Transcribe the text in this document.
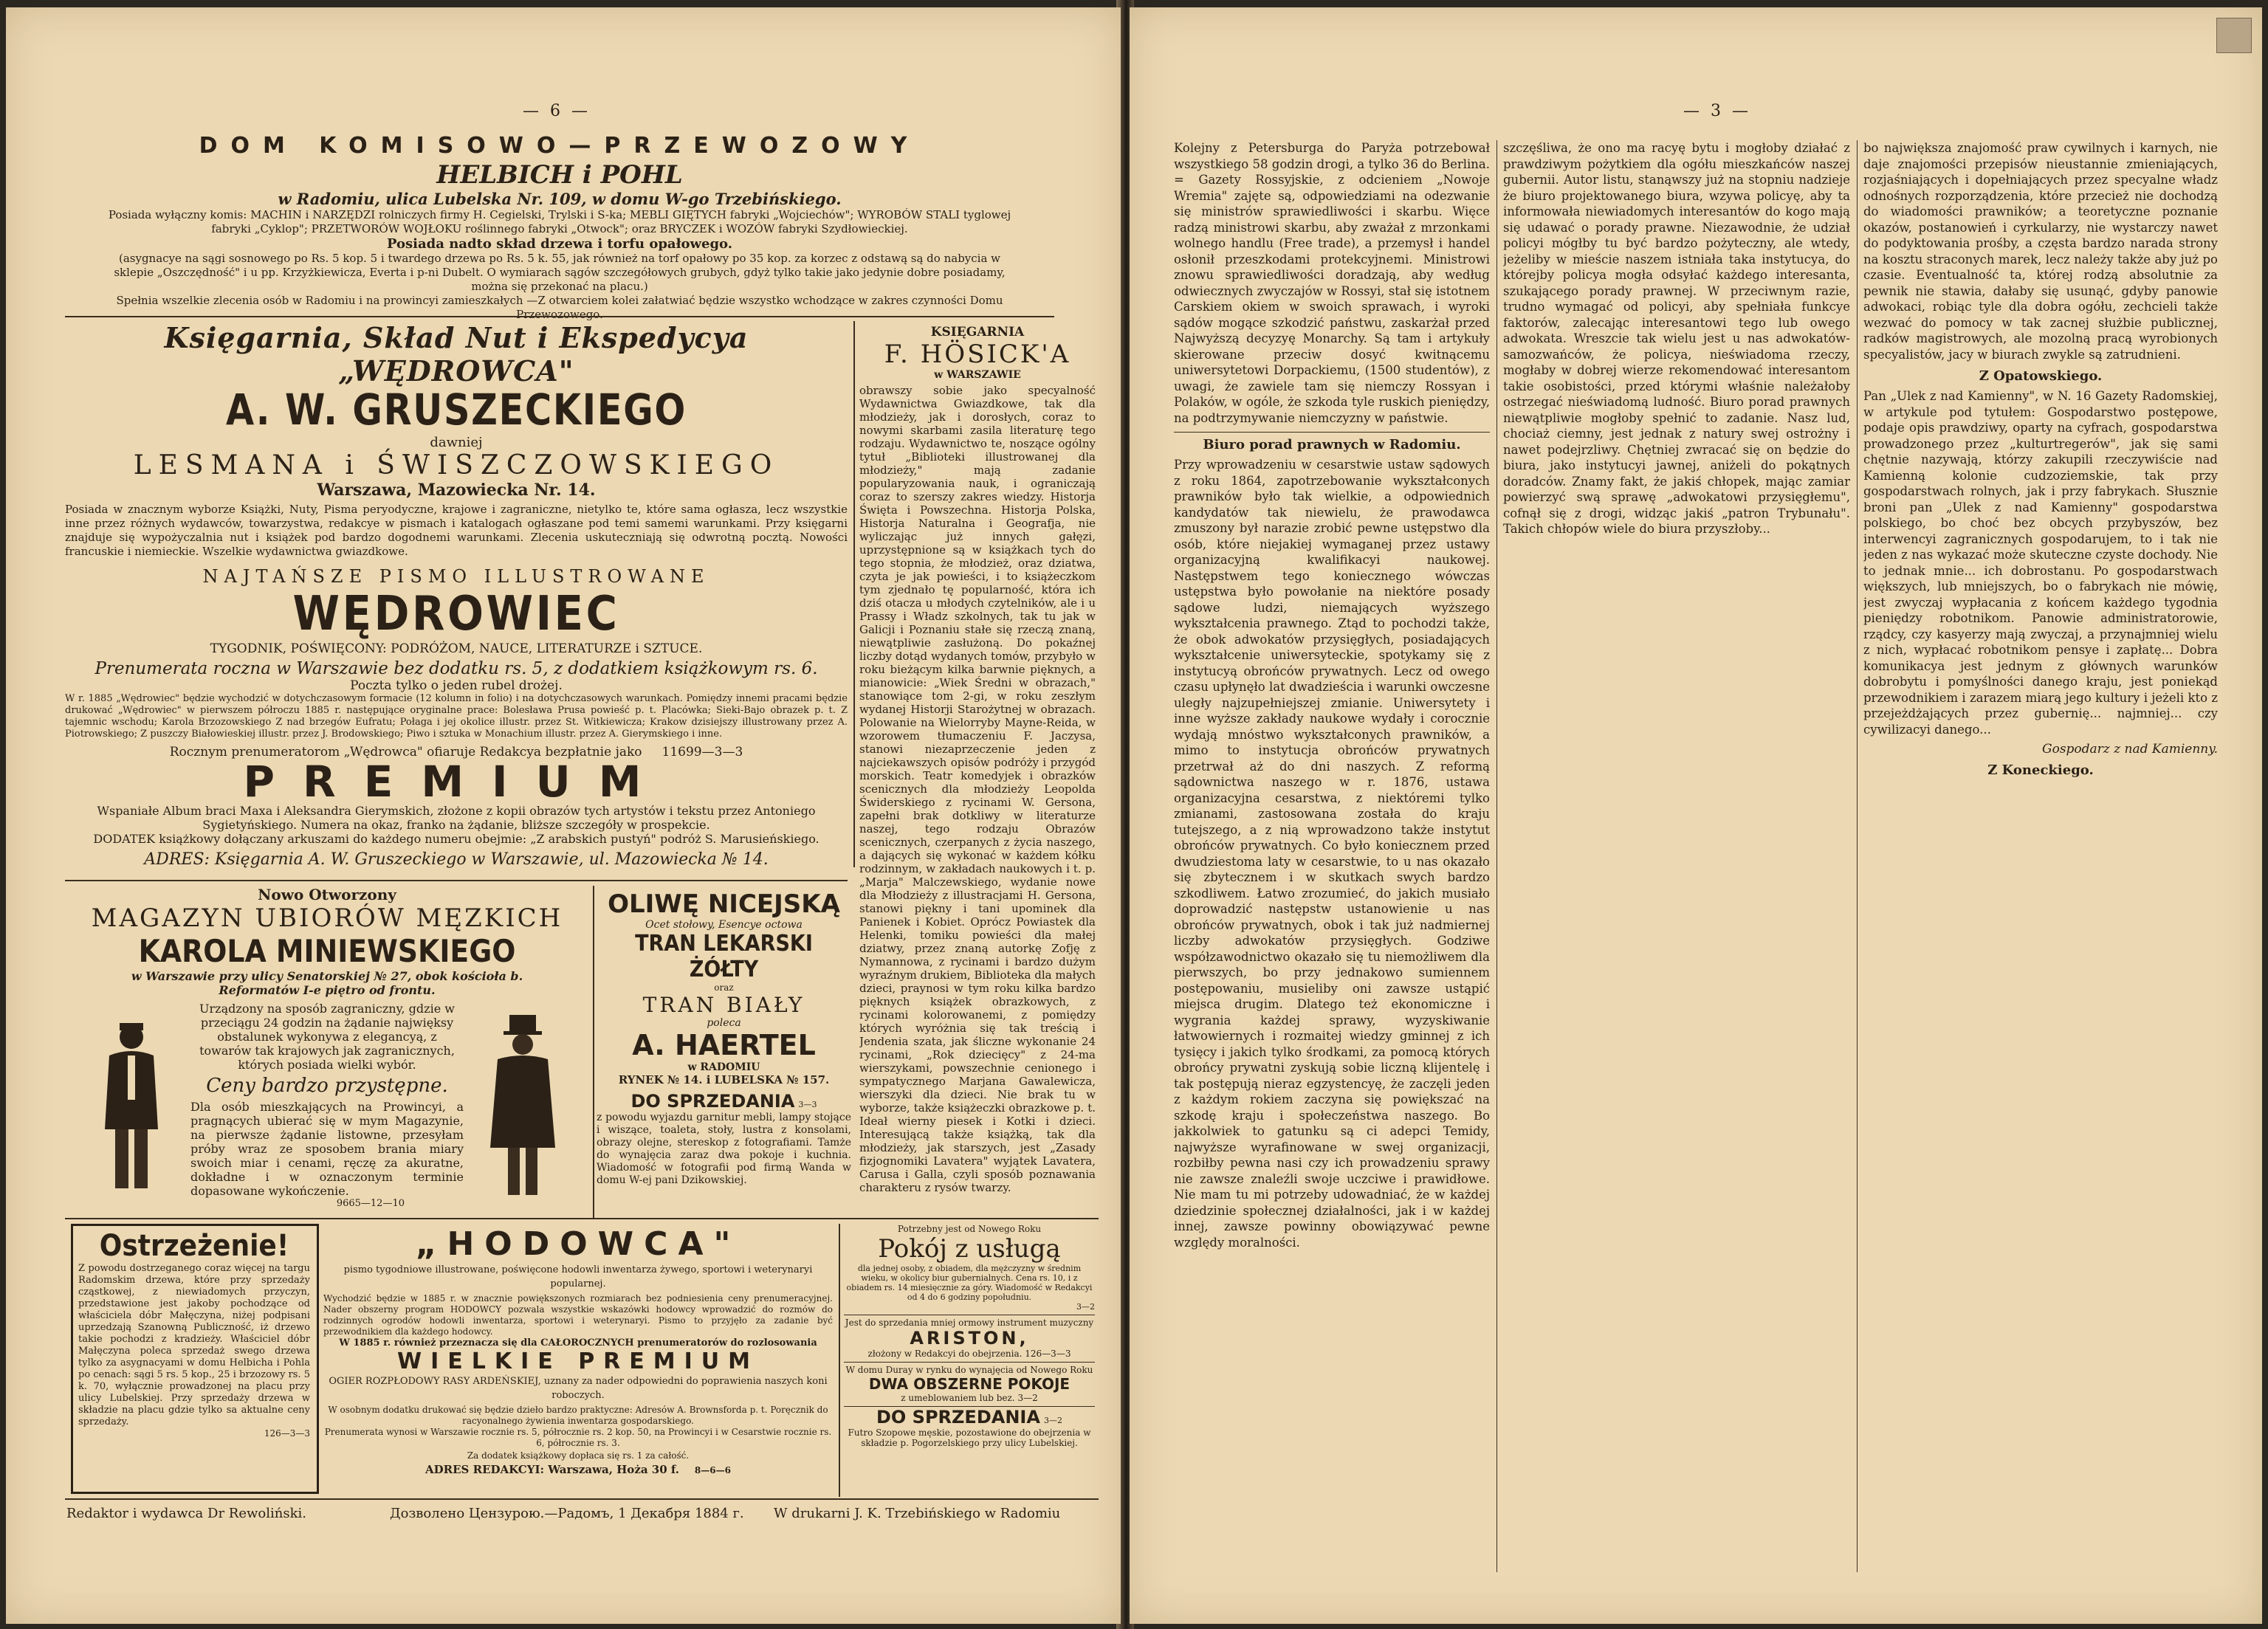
— 6 —
DOM KOMISOWO—PRZEWOZOWY
HELBICH i POHL
w Radomiu, ulica Lubelska Nr. 109, w domu W-go Trzebińskiego.
Posiada wyłączny komis: MACHIN i NARZĘDZI rolniczych firmy H. Cegielski, Trylski i S-ka; MEBLI GIĘTYCH fabryki „Wojciechów"; WYROBÓW STALI tyglowej fabryki „Cyklop"; PRZETWORÓW WOJŁOKU roślinnego fabryki „Otwock"; oraz BRYCZEK i WOZÓW fabryki Szydłowieckiej.
Posiada nadto skład drzewa i torfu opałowego.
(asygnacye na sągi sosnowego po Rs. 5 kop. 5 i twardego drzewa po Rs. 5 k. 55, jak również na torf opałowy po 35 kop. za korzec z odstawą są do nabycia w sklepie „Oszczędność" i u pp. Krzyżkiewicza, Everta i p-ni Dubelt. O wymiarach sągów szczegółowych grubych, gdyż tylko takie jako jedynie dobre posiadamy, można się przekonać na placu.)
Spełnia wszelkie zlecenia osób w Radomiu i na prowincyi zamieszkałych —Z otwarciem kolei załatwiać będzie wszystko wchodzące w zakres czynności Domu Przewozowego.
Księgarnia, Skład Nut i Ekspedycya „WĘDROWCA"
A. W. GRUSZECKIEGO
dawniej
LESMANA i ŚWISZCZOWSKIEGO
Warszawa, Mazowiecka Nr. 14.
Posiada w znacznym wyborze Książki, Nuty, Pisma peryodyczne, krajowe i zagraniczne, nietylko te, które sama ogłasza, lecz wszystkie inne przez różnych wydawców, towarzystwa, redakcye w pismach i katalogach ogłaszane pod temi samemi warunkami. Przy księgarni znajduje się wypożyczalnia nut i książek pod bardzo dogodnemi warunkami. Zlecenia uskuteczniają się odwrotną pocztą. Nowości francuskie i niemieckie. Wszelkie wydawnictwa gwiazdkowe.
NAJTAŃSZE PISMO ILLUSTROWANE
WĘDROWIEC
TYGODNIK, POŚWIĘCONY: PODRÓŻOM, NAUCE, LITERATURZE i SZTUCE.
Prenumerata roczna w Warszawie bez dodatku rs. 5, z dodatkiem książkowym rs. 6.
Poczta tylko o jeden rubel drożej.
W r. 1885 „Wędrowiec" będzie wychodzić w dotychczasowym formacie (12 kolumn in folio) i na dotychczasowych warunkach. Pomiędzy innemi pracami będzie drukować „Wędrowiec" w pierwszem półroczu 1885 r. następujące oryginalne prace: Bolesława Prusa powieść p. t. Placówka; Sieki-Bajo obrazek p. t. Z tajemnic wschodu; Karola Brzozowskiego Z nad brzegów Eufratu; Połaga i jej okolice illustr. przez St. Witkiewicza; Krakow dzisiejszy illustrowany przez A. Piotrowskiego; Z puszczy Białowieskiej illustr. przez J. Brodowskiego; Piwo i sztuka w Monachium illustr. przez A. Gierymskiego i inne.
Rocznym prenumeratorom „Wędrowca" ofiaruje Redakcya bezpłatnie jako 11699—3—3
PREMIUM
Wspaniałe Album braci Maxa i Aleksandra Gierymskich, złożone z kopii obrazów tych artystów i tekstu przez Antoniego Sygietyńskiego. Numera na okaz, franko na żądanie, bliższe szczegóły w prospekcie.
DODATEK książkowy dołączany arkuszami do każdego numeru obejmie: „Z arabskich pustyń" podróż S. Marusieńskiego.
ADRES: Księgarnia A. W. Gruszeckiego w Warszawie, ul. Mazowiecka № 14.
KSIĘGARNIA
F. HÖSICK'A
w WARSZAWIE
obrawszy sobie jako specyalność Wydawnictwa Gwiazdkowe, tak dla młodzieży, jak i dorosłych, coraz to nowymi skarbami zasila literaturę tego rodzaju. Wydawnictwo te, noszące ogólny tytuł „Biblioteki illustrowanej dla młodzieży," mają zadanie popularyzowania nauk, i ograniczają coraz to szerszy zakres wiedzy. Historja Święta i Powszechna. Historja Polska, Historja Naturalna i Geografja, nie wyliczając już innych gałęzi, uprzystępnione są w książkach tych do tego stopnia, że młodzież, oraz dziatwa, czyta je jak powieści, i to książeczkom tym zjednało tę popularność, która ich dziś otacza u młodych czytelników, ale i u Prassy i Władz szkolnych, tak tu jak w Galicji i Poznaniu stałe się rzeczą znaną, niewątpliwie zasłużoną. Do pokaźnej liczby dotąd wydanych tomów, przybyło w roku bieżącym kilka barwnie pięknych, a mianowicie: „Wiek Średni w obrazach," stanowiące tom 2-gi, w roku zeszłym wydanej Historji Starożytnej w obrazach. Polowanie na Wielorryby Mayne-Reida, w wzorowem tłumaczeniu F. Jaczysa, stanowi niezaprzeczenie jeden z najciekawszych opisów podróży i przygód morskich. Teatr komedyjek i obrazków scenicznych dla młodzieży Leopolda Świderskiego z rycinami W. Gersona, zapełni brak dotkliwy w literaturze naszej, tego rodzaju Obrazów scenicznych, czerpanych z życia naszego, a dających się wykonać w każdem kółku rodzinnym, w zakładach naukowych i t. p. „Marja" Malczewskiego, wydanie nowe dla Młodzieży z illustracjami H. Gersona, stanowi piękny i tani upominek dla Panienek i Kobiet. Oprócz Powiastek dla Helenki, tomiku powieści dla małej dziatwy, przez znaną autorkę Zofję z Nymannowa, z rycinami i bardzo dużym wyraźnym drukiem, Biblioteka dla małych dzieci, praynosi w tym roku kilka bardzo pięknych książek obrazkowych, z rycinami kolorowanemi, z pomiędzy których wyróżnia się tak treścią i Jendenia szata, jak śliczne wykonanie 24 rycinami, „Rok dziecięcy" z 24-ma wierszykami, powszechnie cenionego i sympatycznego Marjana Gawalewicza, wierszyki dla dzieci. Nie brak tu w wyborze, także książeczki obrazkowe p. t. Ideał wierny piesek i Kotki i dzieci. Interesującą także książką, tak dla młodzieży, jak starszych, jest „Zasady fizjognomiki Lavatera" wyjątek Lavatera, Carusa i Galla, czyli sposób poznawania charakteru z rysów twarzy.
Nowo Otworzony
MAGAZYN UBIORÓW MĘZKICH
KAROLA MINIEWSKIEGO
w Warszawie przy ulicy Senatorskiej № 27, obok kościoła b. Reformatów I-e piętro od frontu.
Urządzony na sposób zagraniczny, gdzie w przeciągu 24 godzin na żądanie najwięksy obstalunek wykonywa z elegancyą, z towarów tak krajowych jak zagranicznych, których posiada wielki wybór.
Ceny bardzo przystępne.
Dla osób mieszkających na Prowincyi, a pragnących ubierać się w mym Magazynie, na pierwsze żądanie listowne, przesyłam próby wraz ze sposobem brania miary swoich miar i cenami, ręczę za akuratne, dokładne i w oznaczonym terminie dopasowane wykończenie.
9665—12—10
OLIWĘ NICEJSKĄ
Ocet stołowy, Esencye octowa
TRAN LEKARSKI ŻÓŁTY
oraz
TRAN BIAŁY
poleca
A. HAERTEL
w RADOMIU
RYNEK № 14. i LUBELSKA № 157.
DO SPRZEDANIA 3—3
z powodu wyjazdu garnitur mebli, lampy stojące i wiszące, toaleta, stoły, lustra z konsolami, obrazy olejne, stereskop z fotografiami. Tamże do wynajęcia zaraz dwa pokoje i kuchnia. Wiadomość w fotografii pod firmą Wanda w domu W-ej pani Dzikowskiej.
Ostrzeżenie!
Z powodu dostrzeganego coraz więcej na targu Radomskim drzewa, które przy sprzedaży cząstkowej, z niewiadomych przyczyn, przedstawione jest jakoby pochodzące od właściciela dóbr Małęczyna, niżej podpisani uprzedzają Szanowną Publiczność, iż drzewo takie pochodzi z kradzieży. Właściciel dóbr Małęczyna poleca sprzedaż swego drzewa tylko za asygnacyami w domu Helbicha i Pohla po cenach: sągi 5 rs. 5 kop., 25 i brzozowy rs. 5 k. 70, wyłącznie prowadzonej na placu przy ulicy Lubelskiej. Przy sprzedaży drzewa w składzie na placu gdzie tylko sa aktualne ceny sprzedaży.
126—3—3
„HODOWCA"
pismo tygodniowe illustrowane, poświęcone hodowli inwentarza żywego, sportowi i weterynaryi popularnej.
Wychodzić będzie w 1885 r. w znacznie powiększonych rozmiarach bez podniesienia ceny prenumeracyjnej. Nader obszerny program HODOWCY pozwala wszystkie wskazówki hodowcy wprowadzić do rozmów do rodzinnych ogrodów hodowli inwentarza, sportowi i weterynaryi. Pismo to przyjęło za zadanie być przewodnikiem dla każdego hodowcy.
W 1885 r. również przeznacza się dla CAŁOROCZNYCH prenumeratorów do rozlosowania
WIELKIE PREMIUM
OGIER ROZPŁODOWY RASY ARDEŃSKIEJ, uznany za nader odpowiedni do poprawienia naszych koni roboczych.
W osobnym dodatku drukować się będzie dzieło bardzo praktyczne: Adresów A. Brownsforda p. t. Poręcznik do racyonalnego żywienia inwentarza gospodarskiego.
Prenumerata wynosi w Warszawie rocznie rs. 5, półrocznie rs. 2 kop. 50, na Prowincyi i w Cesarstwie rocznie rs. 6, półrocznie rs. 3.
Za dodatek książkowy dopłaca się rs. 1 za całość.
ADRES REDAKCYI: Warszawa, Hoża 30 f. 8—6—6
Potrzebny jest od Nowego Roku
Pokój z usługą
dla jednej osoby, z obiadem, dla mężczyzny w średnim wieku, w okolicy biur gubernialnych. Cena rs. 10, i z obiadem rs. 14 miesięcznie za góry. Wiadomość w Redakcyi od 4 do 6 godziny popołudniu.
3—2
Jest do sprzedania mniej ormowy instrument muzyczny
ARISTON,
złożony w Redakcyi do obejrzenia. 126—3—3
W domu Duray w rynku do wynajęcia od Nowego Roku
DWA OBSZERNE POKOJE
z umeblowaniem lub bez. 3—2
DO SPRZEDANIA 3—2
Futro Szopowe męskie, pozostawione do obejrzenia w składzie p. Pogorzelskiego przy ulicy Lubelskiej.
Redaktor i wydawca Dr Rewoliński.	Дозволено Цензурою.—Радомъ, 1 Декабря 1884 г. W drukarni J. K. Trzebińskiego w Radomiu
— 3 —
Kolejny z Petersburga do Paryża potrzebował wszystkiego 58 godzin drogi, a tylko 36 do Berlina. = Gazety Rossyjskie, z odcieniem „Nowoje Wremia" zajęte są, odpowiedziami na odezwanie się ministrów sprawiedliwości i skarbu. Więce radzą ministrowi skarbu, aby zważał z mrzonkami wolnego handlu (Free trade), a przemysł i handel osłonił przeszkodami protekcyjnemi. Ministrowi znowu sprawiedliwości doradzają, aby według odwiecznych zwyczajów w Rossyi, stał się istotnem Carskiem okiem w swoich sprawach, i wyroki sądów mogące szkodzić państwu, zaskarżał przed Najwyższą decyzyę Monarchy. Są tam i artykuły skierowane przeciw dosyć kwitnącemu uniwersytetowi Dorpackiemu, (1500 studentów), z uwagi, że zawiele tam się niemczy Rossyan i Polaków, w ogóle, że szkoda tyle ruskich pieniędzy, na podtrzymywanie niemczyzny w państwie.
Biuro porad prawnych w Radomiu.
Przy wprowadzeniu w cesarstwie ustaw sądowych z roku 1864, zapotrzebowanie wykształconych prawników było tak wielkie, a odpowiednich kandydatów tak niewielu, że prawodawca zmuszony był narazie zrobić pewne ustępstwo dla osób, które niejakiej wymaganej przez ustawy organizacyjną kwalifikacyi naukowej. Następstwem tego koniecznego wówczas ustępstwa było powołanie na niektóre posady sądowe ludzi, niemających wyższego wykształcenia prawnego. Ztąd to pochodzi także, że obok adwokatów przysięgłych, posiadających wykształcenie uniwersyteckie, spotykamy się z instytucyą obrońców prywatnych. Lecz od owego czasu upłynęło lat dwadzieścia i warunki owczesne uległy najzupełniejszej zmianie. Uniwersytety i inne wyższe zakłady naukowe wydały i corocznie wydają mnóstwo wykształconych prawników, a mimo to instytucja obrońców prywatnych przetrwał aż do dni naszych. Z reformą sądownictwa naszego w r. 1876, ustawa organizacyjna cesarstwa, z niektóremi tylko zmianami, zastosowana została do kraju tutejszego, a z nią wprowadzono także instytut obrońców prywatnych. Co było koniecznem przed dwudziestoma laty w cesarstwie, to u nas okazało się zbytecznem i w skutkach swych bardzo szkodliwem. Łatwo zrozumieć, do jakich musiało doprowadzić następstw ustanowienie u nas obrońców prywatnych, obok i tak już nadmiernej liczby adwokatów przysięgłych. Godziwe współzawodnictwo okazało się tu niemożliwem dla pierwszych, bo przy jednakowo sumiennem postępowaniu, musieliby oni zawsze ustąpić miejsca drugim. Dlatego też ekonomiczne i wygrania każdej sprawy, wyzyskiwanie łatwowiernych i rozmaitej wiedzy gminnej z ich tysięcy i jakich tylko środkami, za pomocą których obrońcy prywatni zyskują sobie liczną klijentelę i tak postępują nieraz egzystencyę, że zaczęli jeden z każdym rokiem zaczyna się powiększać na szkodę kraju i społeczeństwa naszego. Bo jakkolwiek to gatunku są ci adepci Temidy, najwyższe wyrafinowane w swej organizacji, rozbiłby pewna nasi czy ich prowadzeniu sprawy nie zawsze znaleźli swoje uczciwe i prawidłowe. Nie mam tu mi potrzeby udowadniać, że w każdej dziedzinie społecznej działalności, jak i w każdej innej, zawsze powinny obowiązywać pewne względy moralności.
szczęśliwa, że ono ma racyę bytu i mogłoby działać z prawdziwym pożytkiem dla ogółu mieszkańców naszej gubernii. Autor listu, stanąwszy już na stopniu nadzieje że biuro projektowanego biura, wzywa policyę, aby ta informowała niewiadomych interesantów do kogo mają się udawać o porady prawne. Niezawodnie, że udział policyi mógłby tu być bardzo pożyteczny, ale wtedy, jeżeliby w mieście naszem istniała taka instytucya, do którejby policya mogła odsyłać każdego interesanta, szukającego porady prawnej. W przeciwnym razie, trudno wymagać od policyi, aby spełniała funkcye faktorów, zalecając interesantowi tego lub owego adwokata. Wreszcie tak wielu jest u nas adwokatów-samozwańców, że policya, nieświadoma rzeczy, mogłaby w dobrej wierze rekomendować interesantom takie osobistości, przed którymi właśnie należałoby ostrzegać nieświadomą ludność. Biuro porad prawnych niewątpliwie mogłoby spełnić to zadanie. Nasz lud, chociaż ciemny, jest jednak z natury swej ostrożny i nawet podejrzliwy. Chętniej zwracać się on będzie do biura, jako instytucyi jawnej, aniżeli do pokątnych doradców. Znamy fakt, że jakiś chłopek, mając zamiar powierzyć swą sprawę „adwokatowi przysięgłemu", cofnął się z drogi, widząc jakiś „patron Trybunału". Takich chłopów wiele do biura przyszłoby...
bo największa znajomość praw cywilnych i karnych, nie daje znajomości przepisów nieustannie zmieniających, rozjaśniających i dopełniających przez specyalne władz odnośnych rozporządzenia, które przecież nie dochodzą do wiadomości prawników; a teoretyczne poznanie okazów, postanowień i cyrkularzy, nie wystarczy nawet do podyktowania prośby, a częsta bardzo narada strony na kosztu straconych marek, lecz należy także aby już po czasie. Eventualność ta, której rodzą absolutnie za pewnik nie stawia, dałaby się usunąć, gdyby panowie adwokaci, robiąc tyle dla dobra ogółu, zechcieli także wezwać do pomocy w tak zacnej służbie publicznej, radków magistrowych, ale mozolną pracą wyrobionych specyalistów, jacy w biurach zwykle są zatrudnieni.
Z Opatowskiego.
Pan „Ulek z nad Kamienny", w N. 16 Gazety Radomskiej, w artykule pod tytułem: Gospodarstwo postępowe, podaje opis prawdziwy, oparty na cyfrach, gospodarstwa prowadzonego przez „kulturtregerów", jak się sami chętnie nazywają, którzy zakupili rzeczywiście nad Kamienną kolonie cudzoziemskie, tak przy gospodarstwach rolnych, jak i przy fabrykach. Słusznie broni pan „Ulek z nad Kamienny" gospodarstwa polskiego, bo choć bez obcych przybyszów, bez interwencyi zagranicznych gospodarujem, to i tak nie jeden z nas wykazać może skuteczne czyste dochody. Nie to jednak mnie... ich dobrostanu. Po gospodarstwach większych, lub mniejszych, bo o fabrykach nie mówię, jest zwyczaj wypłacania z końcem każdego tygodnia pieniędzy robotnikom. Panowie administratorowie, rządcy, czy kasyerzy mają zwyczaj, a przynajmniej wielu z nich, wypłacać robotnikom pensye i zapłatę... Dobra komunikacya jest jednym z głównych warunków dobrobytu i pomyślności danego kraju, jest poniekąd przewodnikiem i zarazem miarą jego kultury i jeżeli kto z przejeżdżających przez gubernię... najmniej... czy cywilizacyi danego...
Gospodarz z nad Kamienny.
Z Koneckiego.
